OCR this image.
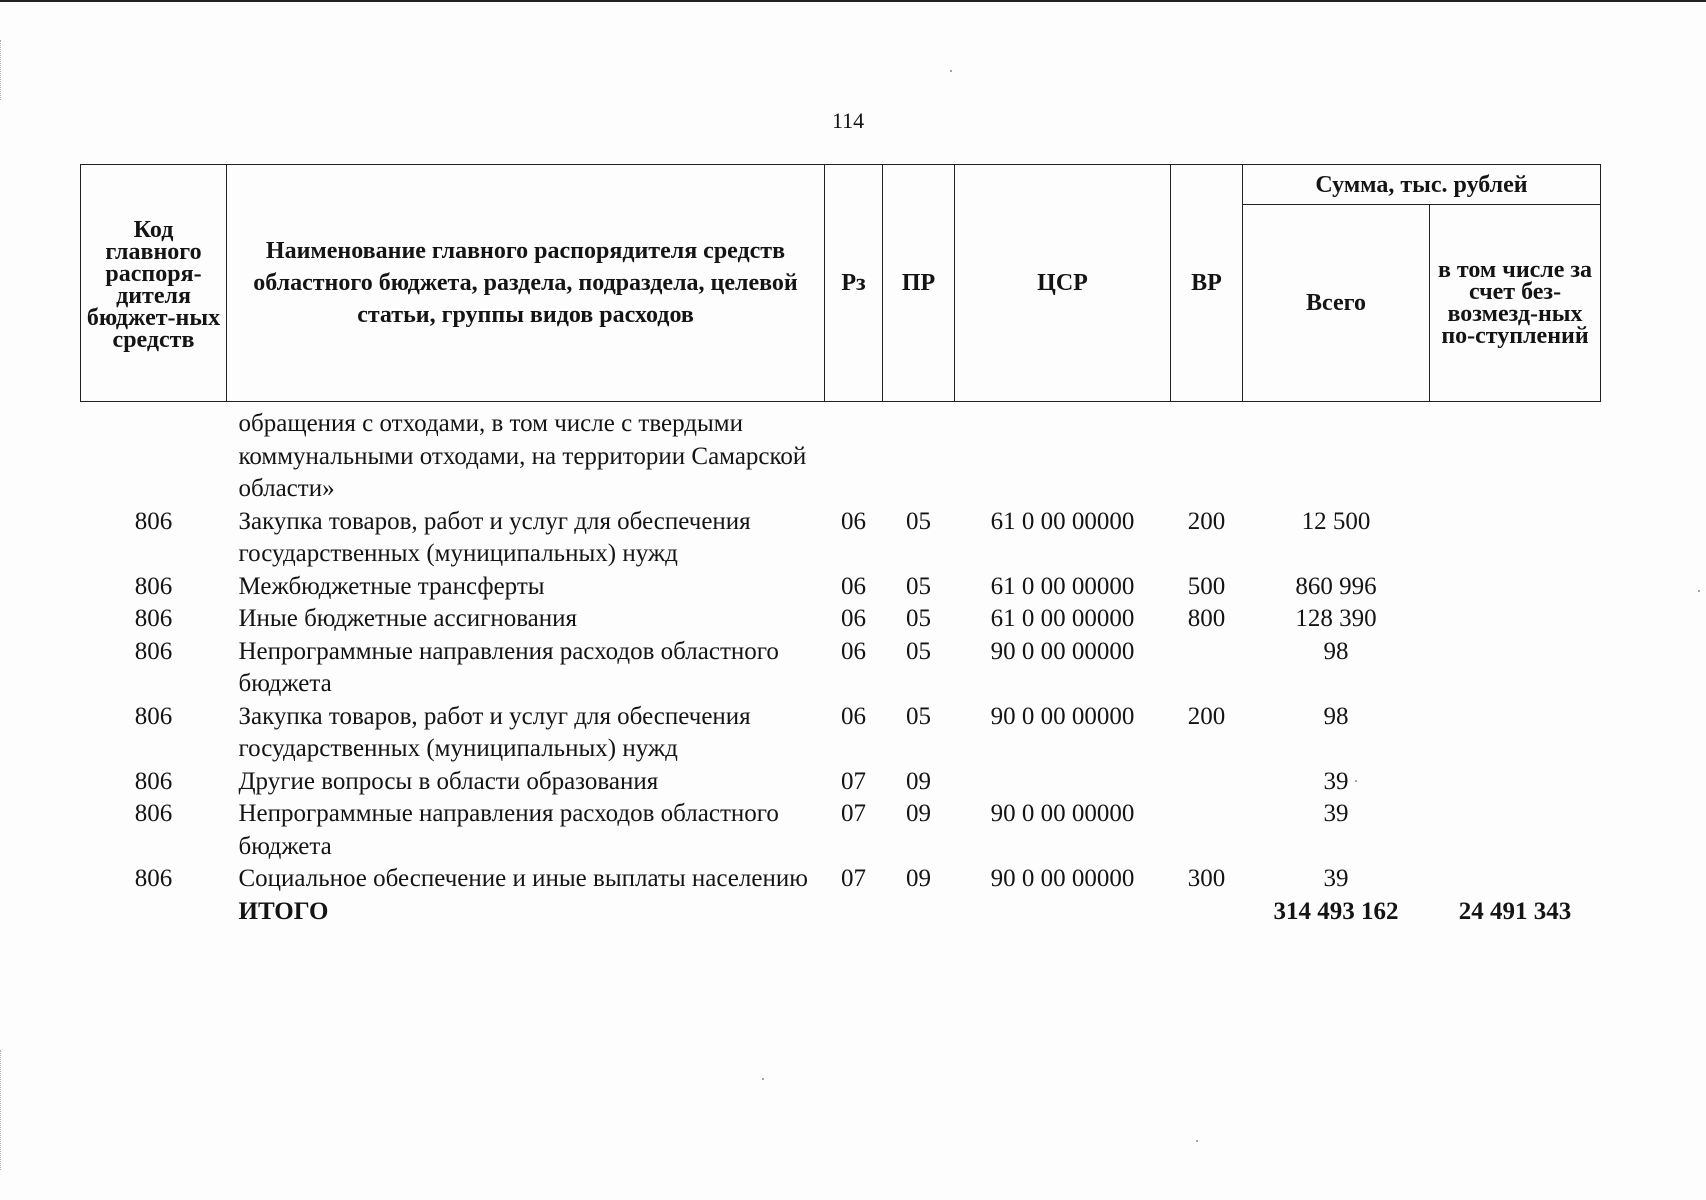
114
Код главного распоря-дителя бюджет-ных средств	Наименование главного распорядителя средств областного бюджета, раздела, подраздела, целевой статьи, группы видов расходов	Рз	ПР	ЦСР	ВР	Сумма, тыс. рублей	
						Всего	в том числе за счет без-возмезд-ных по-ступлений
	обращения с отходами, в том числе с твердыми коммунальными отходами, на территории Самарской области»						
806	Закупка товаров, работ и услуг для обеспечения государственных (муниципальных) нужд	06	05	61 0 00 00000	200	12 500	
806	Межбюджетные трансферты	06	05	61 0 00 00000	500	860 996	
806	Иные бюджетные ассигнования	06	05	61 0 00 00000	800	128 390	
806	Непрограммные направления расходов областного бюджета	06	05	90 0 00 00000		98	
806	Закупка товаров, работ и услуг для обеспечения государственных (муниципальных) нужд	06	05	90 0 00 00000	200	98	
806	Другие вопросы в области образования	07	09			39	
806	Непрограммные направления расходов областного бюджета	07	09	90 0 00 00000		39	
806	Социальное обеспечение и иные выплаты населению	07	09	90 0 00 00000	300	39	
	ИТОГО					314 493 162	24 491 343
